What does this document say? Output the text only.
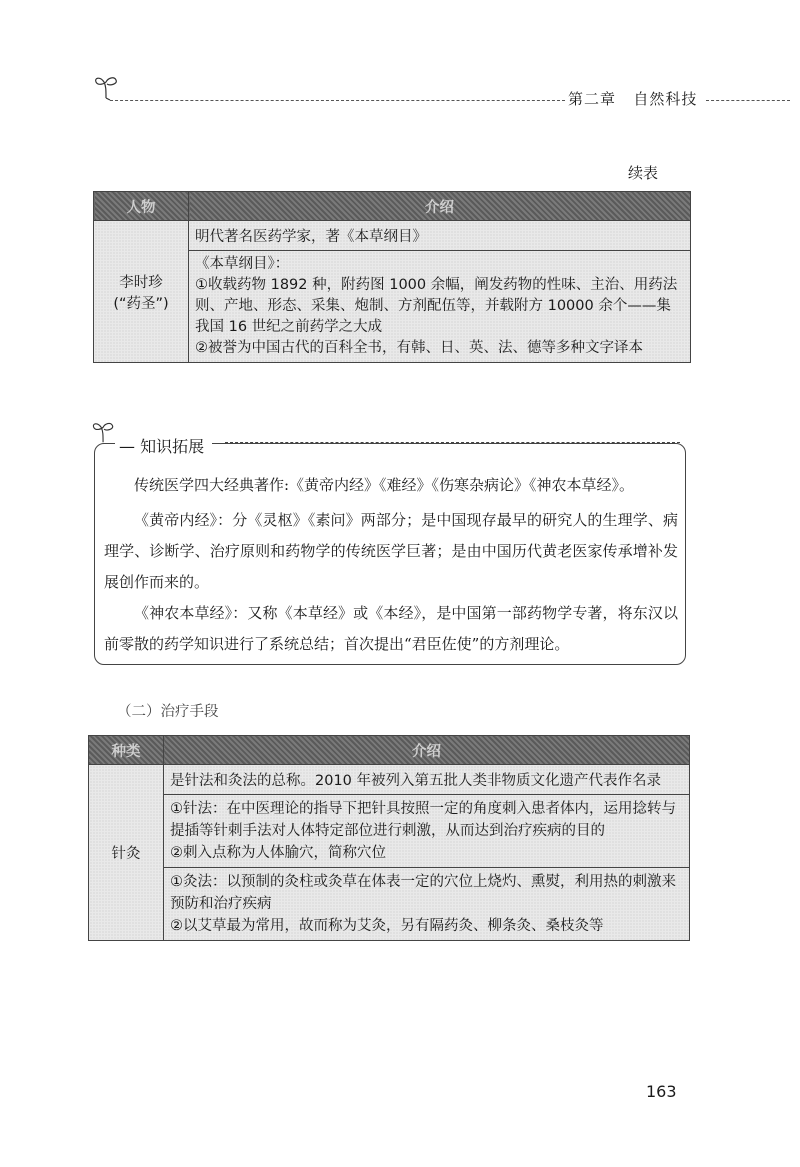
第二章 自然科技
续表
人物	介绍

李时珍
(“药圣”)	明代著名医药学家，著《本草纲目》

	《本草纲目》：
①收载药物 1892 种，附药图 1000 余幅，阐发药物的性味、主治、用药法则、产地、形态、采集、炮制、方剂配伍等，并载附方 10000 余个——集我国 16 世纪之前药学之大成
②被誉为中国古代的百科全书，有韩、日、英、法、德等多种文字译本
— 知识拓展
传统医学四大经典著作:《黄帝内经》《难经》《伤寒杂病论》《神农本草经》。
《黄帝内经》：分《灵枢》《素问》两部分；是中国现存最早的研究人的生理学、病理学、诊断学、治疗原则和药物学的传统医学巨著；是由中国历代黄老医家传承增补发展创作而来的。
《神农本草经》：又称《本草经》或《本经》，是中国第一部药物学专著，将东汉以前零散的药学知识进行了系统总结；首次提出“君臣佐使”的方剂理论。
（二）治疗手段
种类	介绍
针灸	是针法和灸法的总称。2010 年被列入第五批人类非物质文化遗产代表作名录

	①针法：在中医理论的指导下把针具按照一定的角度刺入患者体内，运用捻转与提插等针刺手法对人体特定部位进行刺激，从而达到治疗疾病的目的
②刺入点称为人体腧穴，简称穴位

	①灸法：以预制的灸柱或灸草在体表一定的穴位上烧灼、熏熨，利用热的刺激来预防和治疗疾病
②以艾草最为常用，故而称为艾灸，另有隔药灸、柳条灸、桑枝灸等
163
